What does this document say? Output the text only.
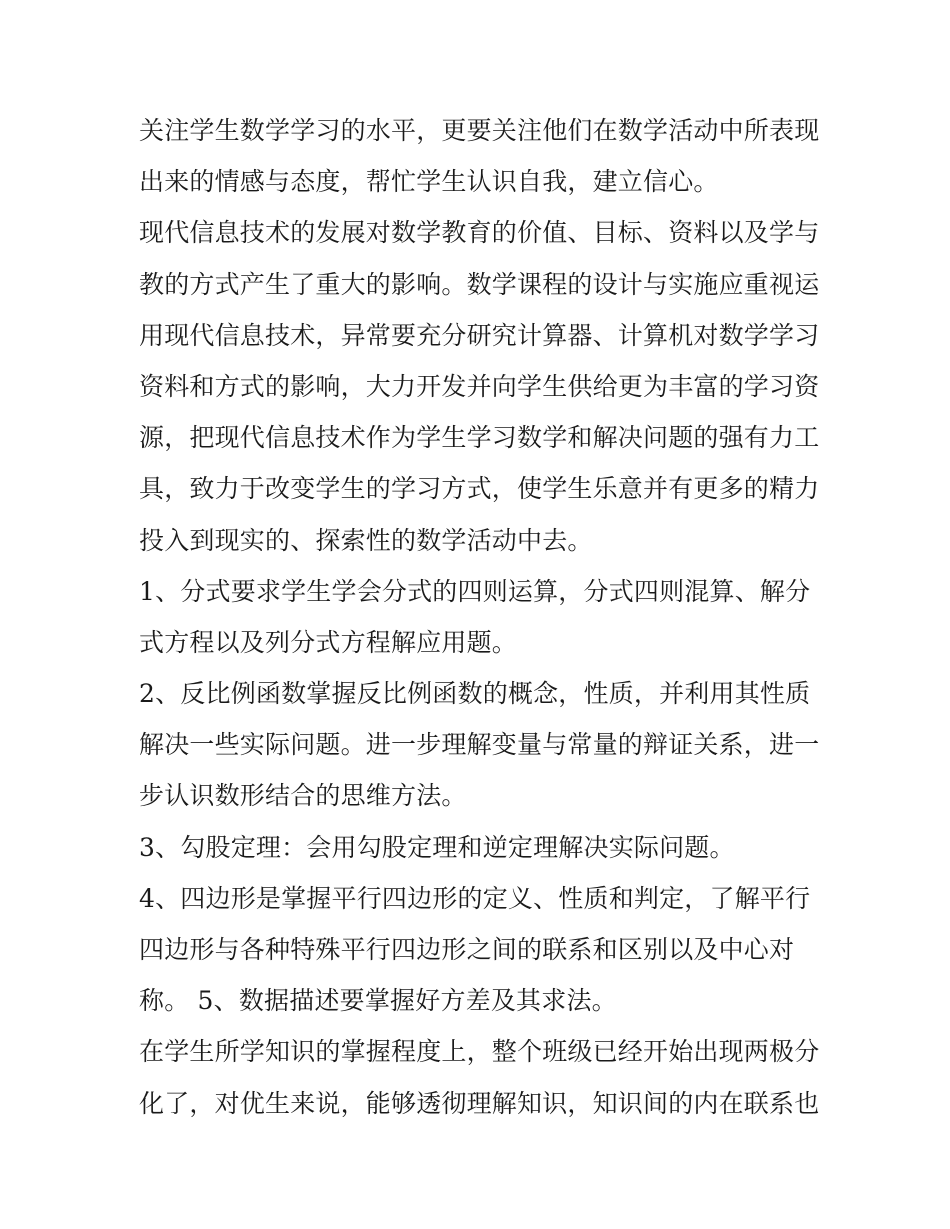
关注学生数学学习的水平，更要关注他们在数学活动中所表现
出来的情感与态度，帮忙学生认识自我，建立信心。
现代信息技术的发展对数学教育的价值、目标、资料以及学与
教的方式产生了重大的影响。数学课程的设计与实施应重视运
用现代信息技术，异常要充分研究计算器、计算机对数学学习
资料和方式的影响，大力开发并向学生供给更为丰富的学习资
源，把现代信息技术作为学生学习数学和解决问题的强有力工
具，致力于改变学生的学习方式，使学生乐意并有更多的精力
投入到现实的、探索性的数学活动中去。
1、分式要求学生学会分式的四则运算，分式四则混算、解分
式方程以及列分式方程解应用题。
2、反比例函数掌握反比例函数的概念，性质，并利用其性质
解决一些实际问题。进一步理解变量与常量的辩证关系，进一
步认识数形结合的思维方法。
3、勾股定理：会用勾股定理和逆定理解决实际问题。
4、四边形是掌握平行四边形的定义、性质和判定，了解平行
四边形与各种特殊平行四边形之间的联系和区别以及中心对
称。 5、数据描述要掌握好方差及其求法。
在学生所学知识的掌握程度上，整个班级已经开始出现两极分
化了，对优生来说，能够透彻理解知识，知识间的内在联系也
